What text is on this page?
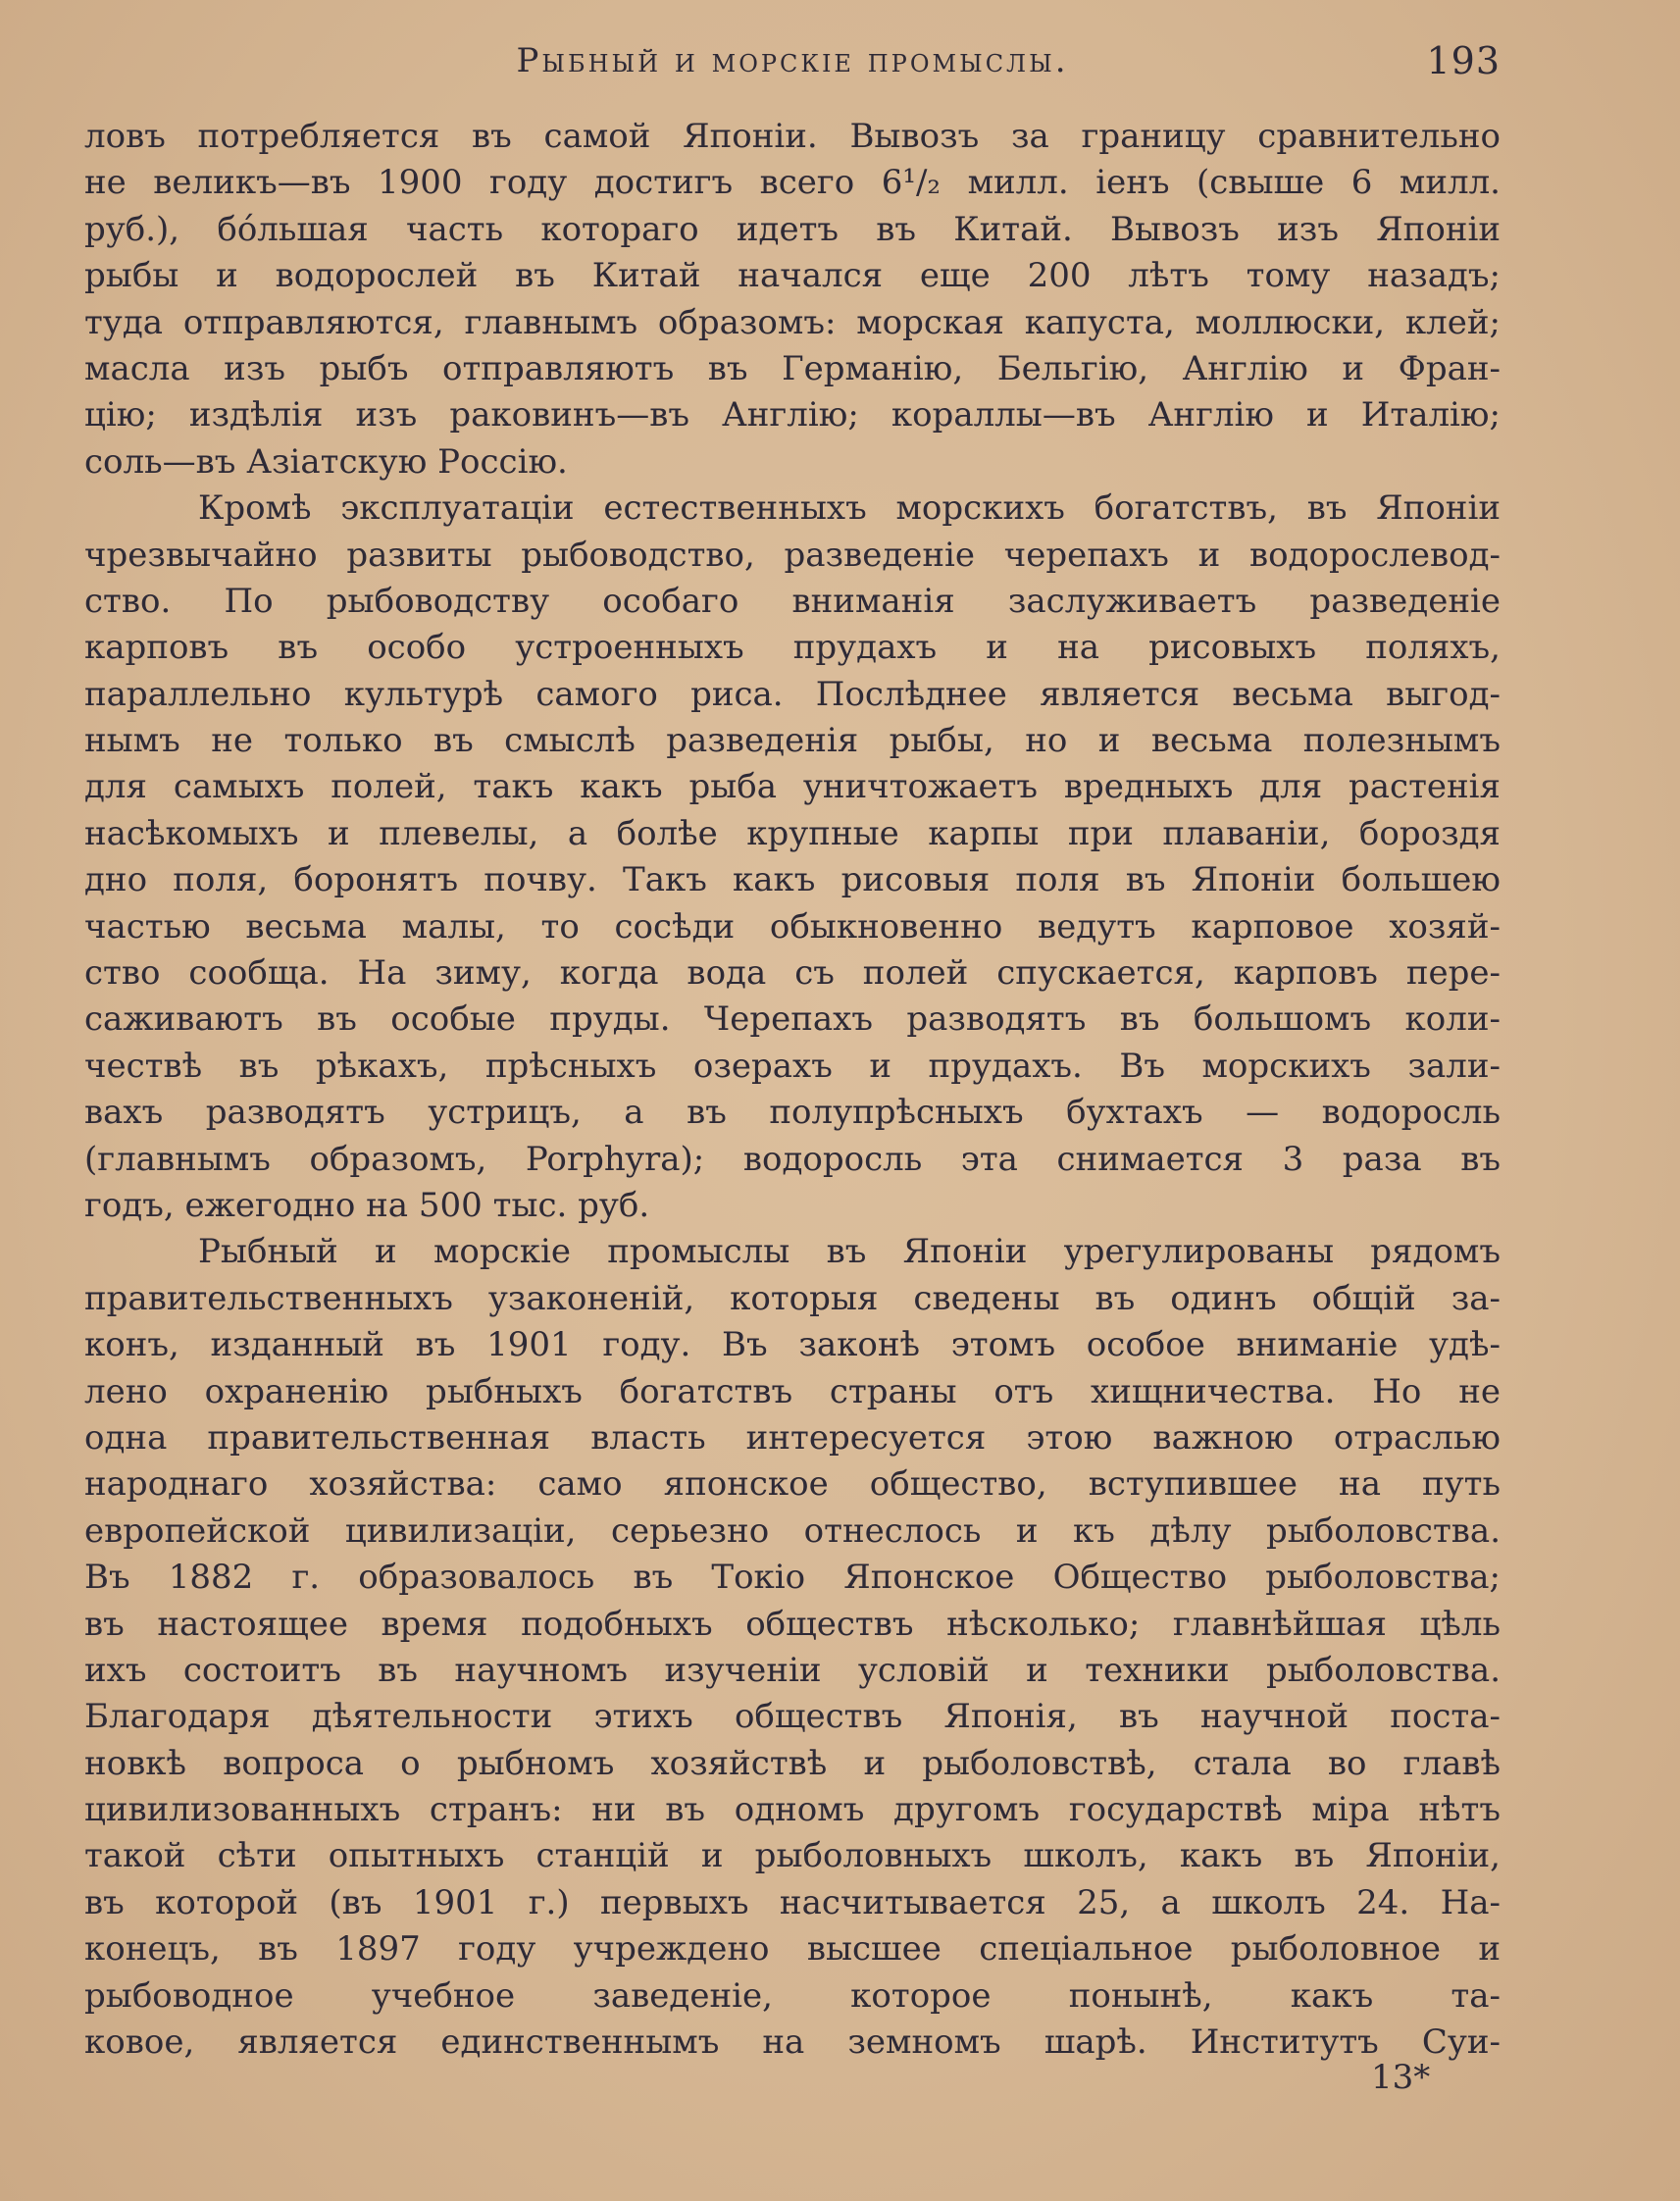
Рыбный и морскіе промыслы.	193
ловъ потребляется въ самой Японіи. Вывозъ за границу сравнительно
не великъ—въ 1900 году достигъ всего 6¹/₂ милл. іенъ (свыше 6 милл.
руб.), бо́льшая часть котораго идетъ въ Китай. Вывозъ изъ Японіи
рыбы и водорослей въ Китай начался еще 200 лѣтъ тому назадъ;
туда отправляются, главнымъ образомъ: морская капуста, моллюски, клей;
масла изъ рыбъ отправляютъ въ Германію, Бельгію, Англію и Фран-
цію; издѣлія изъ раковинъ—въ Англію; кораллы—въ Англію и Италію;
соль—въ Азіатскую Россію.
Кромѣ эксплуатаціи естественныхъ морскихъ богатствъ, въ Японіи
чрезвычайно развиты рыбоводство, разведеніе черепахъ и водорослевод-
ство. По рыбоводству особаго вниманія заслуживаетъ разведеніе
карповъ въ особо устроенныхъ прудахъ и на рисовыхъ поляхъ,
параллельно культурѣ самого риса. Послѣднее является весьма выгод-
нымъ не только въ смыслѣ разведенія рыбы, но и весьма полезнымъ
для самыхъ полей, такъ какъ рыба уничтожаетъ вредныхъ для растенія
насѣкомыхъ и плевелы, а болѣе крупные карпы при плаваніи, бороздя
дно поля, боронятъ почву. Такъ какъ рисовыя поля въ Японіи большею
частью весьма малы, то сосѣди обыкновенно ведутъ карповое хозяй-
ство сообща. На зиму, когда вода съ полей спускается, карповъ пере-
саживаютъ въ особые пруды. Черепахъ разводятъ въ большомъ коли-
чествѣ въ рѣкахъ, прѣсныхъ озерахъ и прудахъ. Въ морскихъ зали-
вахъ разводятъ устрицъ, а въ полупрѣсныхъ бухтахъ — водоросль
(главнымъ образомъ, Porphyra); водоросль эта снимается 3 раза въ
годъ, ежегодно на 500 тыс. руб.
Рыбный и морскіе промыслы въ Японіи урегулированы рядомъ
правительственныхъ узаконеній, которыя сведены въ одинъ общій за-
конъ, изданный въ 1901 году. Въ законѣ этомъ особое вниманіе удѣ-
лено охраненію рыбныхъ богатствъ страны отъ хищничества. Но не
одна правительственная власть интересуется этою важною отраслью
народнаго хозяйства: само японское общество, вступившее на путь
европейской цивилизаціи, серьезно отнеслось и къ дѣлу рыболовства.
Въ 1882 г. образовалось въ Токіо Японское Общество рыболовства;
въ настоящее время подобныхъ обществъ нѣсколько; главнѣйшая цѣль
ихъ состоитъ въ научномъ изученіи условій и техники рыболовства.
Благодаря дѣятельности этихъ обществъ Японія, въ научной поста-
новкѣ вопроса о рыбномъ хозяйствѣ и рыболовствѣ, стала во главѣ
цивилизованныхъ странъ: ни въ одномъ другомъ государствѣ міра нѣтъ
такой сѣти опытныхъ станцій и рыболовныхъ школъ, какъ въ Японіи,
въ которой (въ 1901 г.) первыхъ насчитывается 25, а школъ 24. На-
конецъ, въ 1897 году учреждено высшее спеціальное рыболовное и
рыбоводное учебное заведеніе, которое понынѣ, какъ та-
ковое, является единственнымъ на земномъ шарѣ. Институтъ Суи-
13*
